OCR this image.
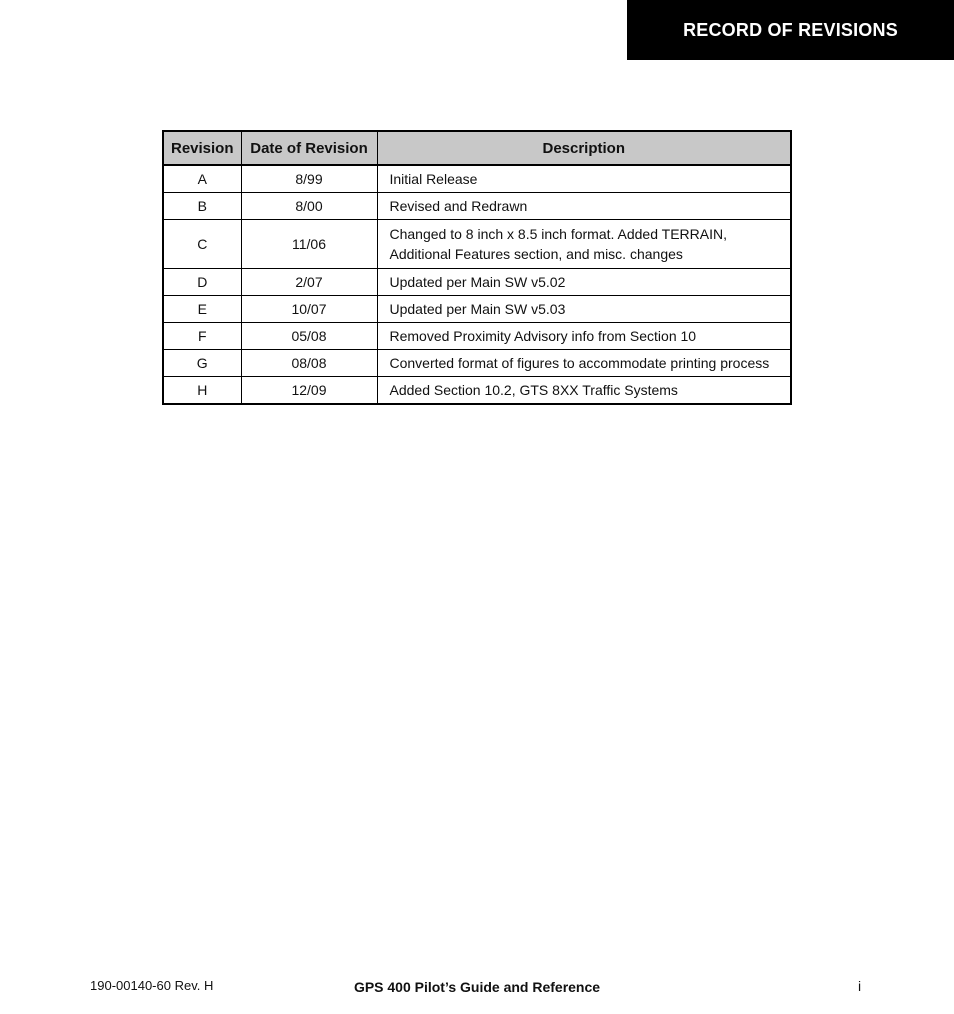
RECORD OF REVISIONS
Revision	Date of Revision	Description
A	8/99	Initial Release
B	8/00	Revised and Redrawn
C	11/06	Changed to 8 inch x 8.5 inch format. Added TERRAIN,
Additional Features section, and misc. changes

D	2/07	Updated per Main SW v5.02
E	10/07	Updated per Main SW v5.03
F	05/08	Removed Proximity Advisory info from Section 10
G	08/08	Converted format of figures to accommodate printing process
H	12/09	Added Section 10.2, GTS 8XX Traffic Systems
190-00140-60 Rev. H	GPS 400 Pilot’s Guide and Reference	i
